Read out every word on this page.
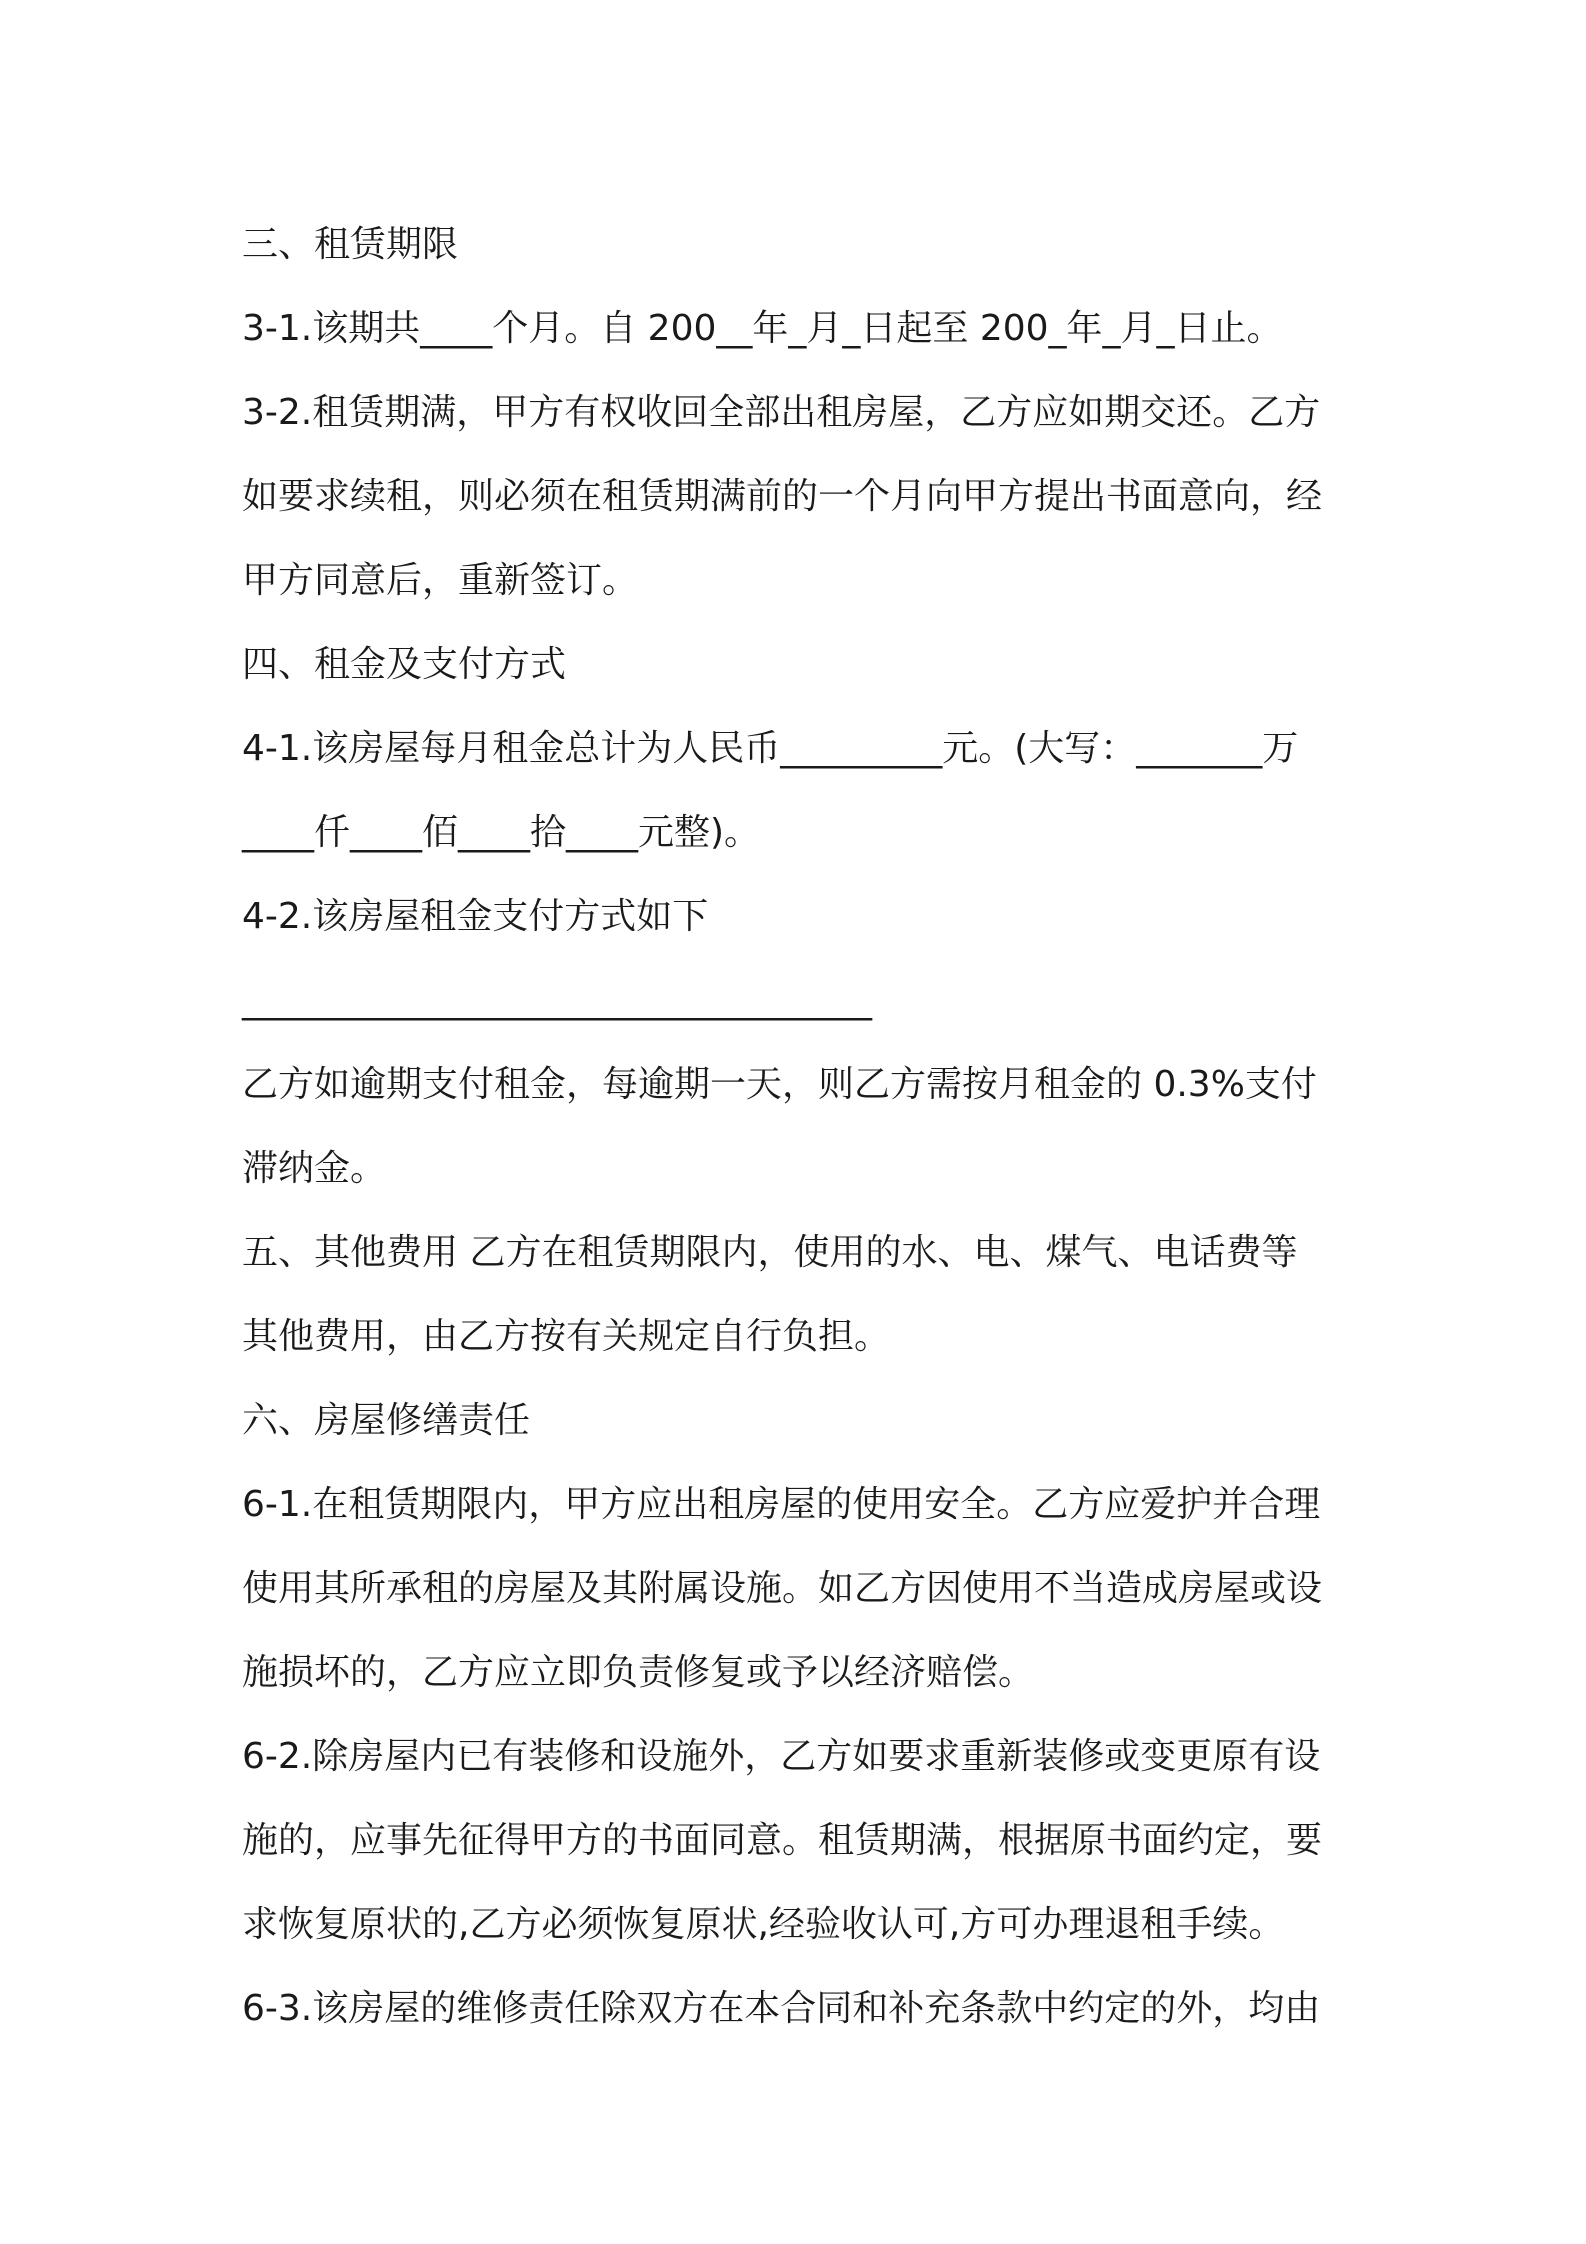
三、租赁期限
3-1.该期共____个月。自 200__年_月_日起至 200_年_月_日止。
3-2.租赁期满，甲方有权收回全部出租房屋，乙方应如期交还。乙方
如要求续租，则必须在租赁期满前的一个月向甲方提出书面意向，经
甲方同意后，重新签订。
四、租金及支付方式
4-1.该房屋每月租金总计为人民币_________元。(大写：_______万
____仟____佰____拾____元整)。
4-2.该房屋租金支付方式如下
___________________________________
乙方如逾期支付租金，每逾期一天，则乙方需按月租金的 0.3%支付
滞纳金。
五、其他费用 乙方在租赁期限内，使用的水、电、煤气、电话费等
其他费用，由乙方按有关规定自行负担。
六、房屋修缮责任
6-1.在租赁期限内，甲方应出租房屋的使用安全。乙方应爱护并合理
使用其所承租的房屋及其附属设施。如乙方因使用不当造成房屋或设
施损坏的，乙方应立即负责修复或予以经济赔偿。
6-2.除房屋内已有装修和设施外，乙方如要求重新装修或变更原有设
施的，应事先征得甲方的书面同意。租赁期满，根据原书面约定，要
求恢复原状的,乙方必须恢复原状,经验收认可,方可办理退租手续。
6-3.该房屋的维修责任除双方在本合同和补充条款中约定的外，均由
